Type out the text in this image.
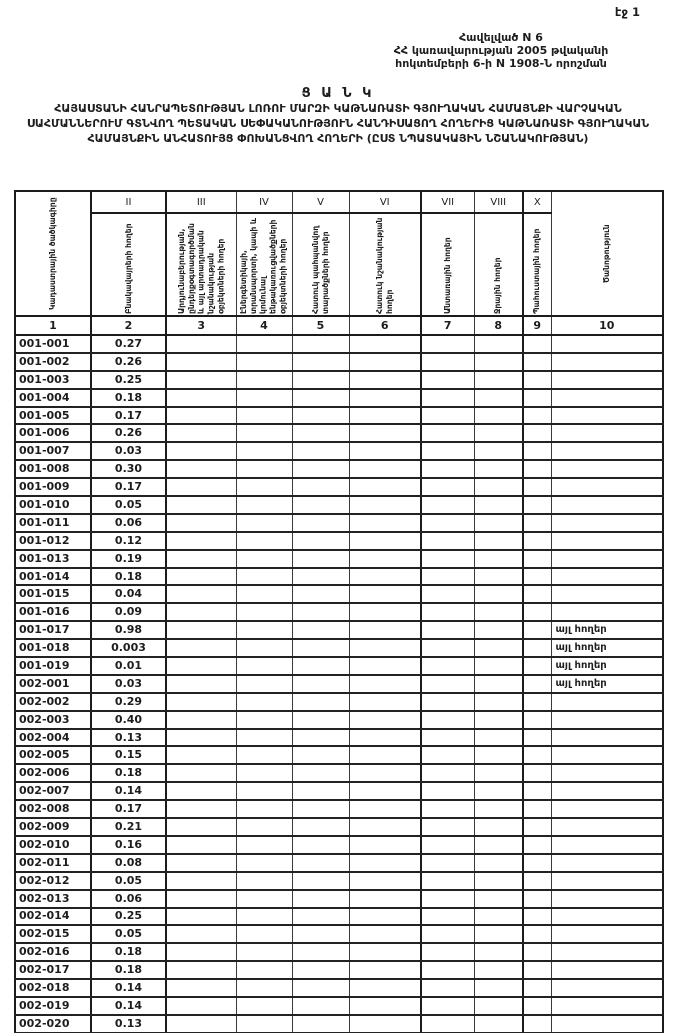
էջ 1
Հավելված N 6
ՀՀ կառավարության 2005 թվականի
հոկտեմբերի 6-ի N 1908-Ն որոշման
Ց Ա Ն Կ
ՀԱՅԱՍՏԱՆԻ ՀԱՆՐԱՊԵՏՈՒԹՅԱՆ ԼՈՌՈՒ ՄԱՐԶԻ ԿԱԹՆԱՌԱՏԻ ԳՅՈՒՂԱԿԱՆ ՀԱՄԱՅՆՔԻ ՎԱՐՉԱԿԱՆ ՍԱՀՄԱՆՆԵՐՈՒՄ ԳՏՆՎՈՂ ՊԵՏԱԿԱՆ ՍԵՓԱԿԱՆՈՒԹՅՈՒՆ ՀԱՆԴԻՍԱՑՈՂ ՀՈՂԵՐԻՑ ԿԱԹՆԱՌԱՏԻ ԳՅՈՒՂԱԿԱՆ ՀԱՄԱՅՆՔԻՆ ԱՆՀԱՏՈՒՅՑ ՓՈԽԱՆՑՎՈՂ ՀՈՂԵՐԻ (ԸՍՏ ՆՊԱՏԱԿԱՅԻՆ ՆՇԱՆԱԿՈՒԹՅԱՆ)
Կադաստրային ծածկագիրը	II	III	IV	V	VI	VII	VIII	X	Ծանոթություն

	Բնակավայրերի հողեր	Արդյունաբերության, ընդերքօգտագործման և այլ արտադրական նշանակության օբյեկտների հողեր	Էներգետիկայի, տրանսպորտի, կապի և կոմունալ ենթակառուցվածքների օբյեկտների հողեր	Հատուկ պահպանվող տարածքների հողեր	Հատուկ նշանակության հողեր	Անտառային հողեր	Ջրային հողեր	Պահուստային հողեր	

1	2	3	4	5	6	7	8	9	10
001-001	0.27								
001-002	0.26								
001-003	0.25								
001-004	0.18								
001-005	0.17								
001-006	0.26								
001-007	0.03								
001-008	0.30								
001-009	0.17								
001-010	0.05								
001-011	0.06								
001-012	0.12								
001-013	0.19								
001-014	0.18								
001-015	0.04								
001-016	0.09								
001-017	0.98								այլ հողեր
001-018	0.003								այլ հողեր
001-019	0.01								այլ հողեր
002-001	0.03								այլ հողեր
002-002	0.29								
002-003	0.40								
002-004	0.13								
002-005	0.15								
002-006	0.18								
002-007	0.14								
002-008	0.17								
002-009	0.21								
002-010	0.16								
002-011	0.08								
002-012	0.05								
002-013	0.06								
002-014	0.25								
002-015	0.05								
002-016	0.18								
002-017	0.18								
002-018	0.14								
002-019	0.14								
002-020	0.13								
